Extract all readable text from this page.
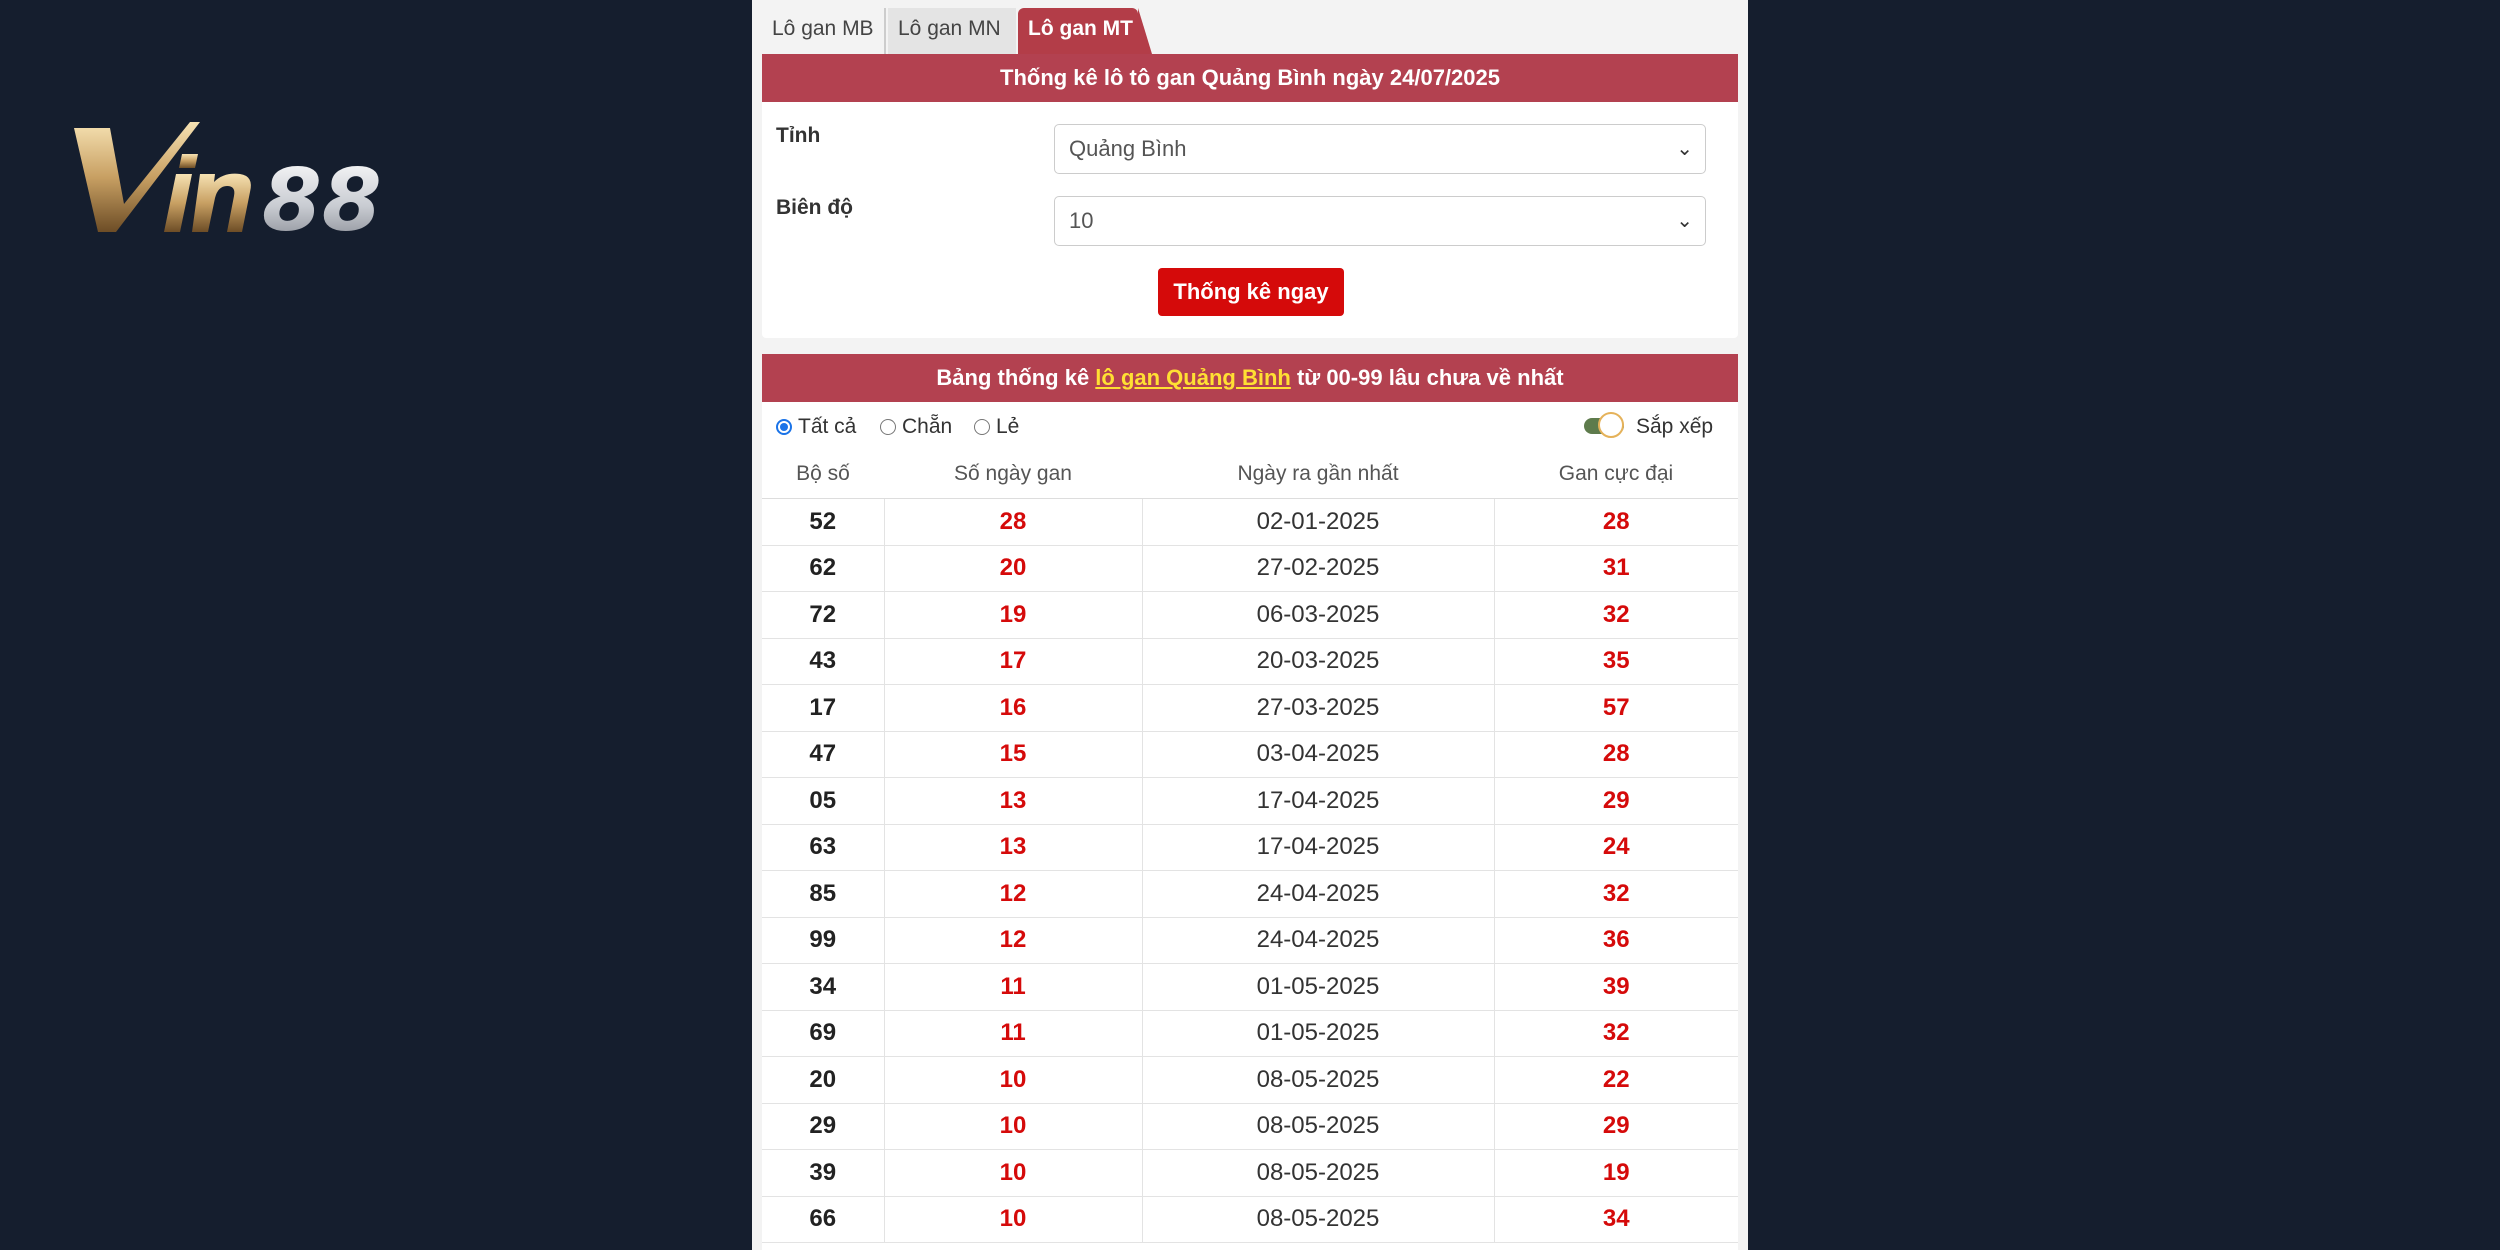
88
Lô gan MB	Lô gan MN	Lô gan MT
Thống kê lô tô gan Quảng Bình ngày 24/07/2025
Tỉnh
Quảng Bình	⌄
Biên độ
10	⌄
Thống kê ngay
Bảng thống kê lô gan Quảng Bình từ 00-99 lâu chưa về nhất
Tất cả	Chẵn	Lẻ	Sắp xếp
Bộ số	Số ngày gan	Ngày ra gần nhất	Gan cực đại
52	28	02-01-2025	28
62	20	27-02-2025	31
72	19	06-03-2025	32
43	17	20-03-2025	35
17	16	27-03-2025	57
47	15	03-04-2025	28
05	13	17-04-2025	29
63	13	17-04-2025	24
85	12	24-04-2025	32
99	12	24-04-2025	36
34	11	01-05-2025	39
69	11	01-05-2025	32
20	10	08-05-2025	22
29	10	08-05-2025	29
39	10	08-05-2025	19
66	10	08-05-2025	34
